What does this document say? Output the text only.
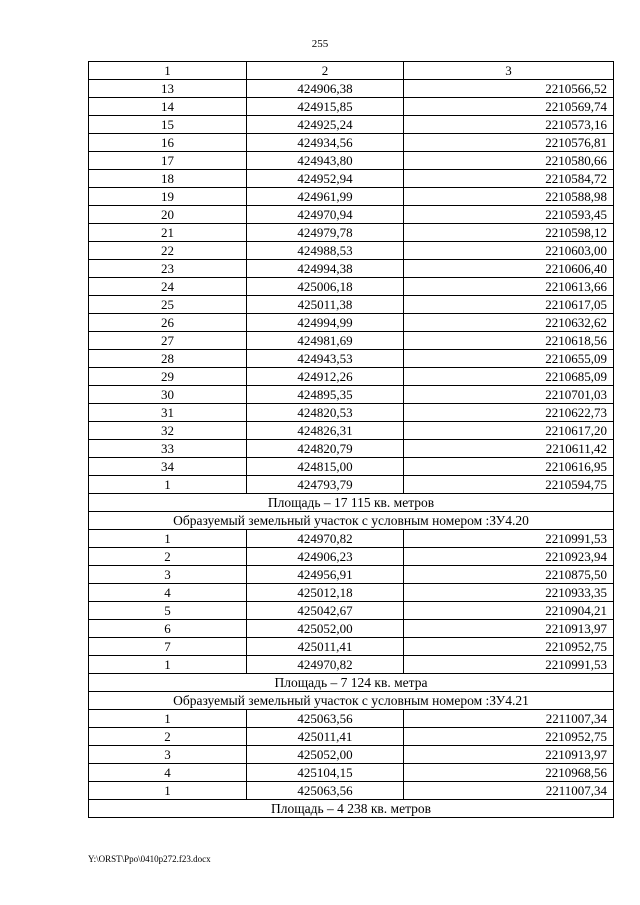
255
1	2	3
13	424906,38	2210566,52
14	424915,85	2210569,74
15	424925,24	2210573,16
16	424934,56	2210576,81
17	424943,80	2210580,66
18	424952,94	2210584,72
19	424961,99	2210588,98
20	424970,94	2210593,45
21	424979,78	2210598,12
22	424988,53	2210603,00
23	424994,38	2210606,40
24	425006,18	2210613,66
25	425011,38	2210617,05
26	424994,99	2210632,62
27	424981,69	2210618,56
28	424943,53	2210655,09
29	424912,26	2210685,09
30	424895,35	2210701,03
31	424820,53	2210622,73
32	424826,31	2210617,20
33	424820,79	2210611,42
34	424815,00	2210616,95
1	424793,79	2210594,75
Площадь – 17 115 кв. метров		
Образуемый земельный участок с условным номером :ЗУ4.20		
1	424970,82	2210991,53
2	424906,23	2210923,94
3	424956,91	2210875,50
4	425012,18	2210933,35
5	425042,67	2210904,21
6	425052,00	2210913,97
7	425011,41	2210952,75
1	424970,82	2210991,53
Площадь – 7 124 кв. метра		
Образуемый земельный участок с условным номером :ЗУ4.21		
1	425063,56	2211007,34
2	425011,41	2210952,75
3	425052,00	2210913,97
4	425104,15	2210968,56
1	425063,56	2211007,34
Площадь – 4 238 кв. метров		
Y:\ORST\Ppo\0410p272.f23.docx
